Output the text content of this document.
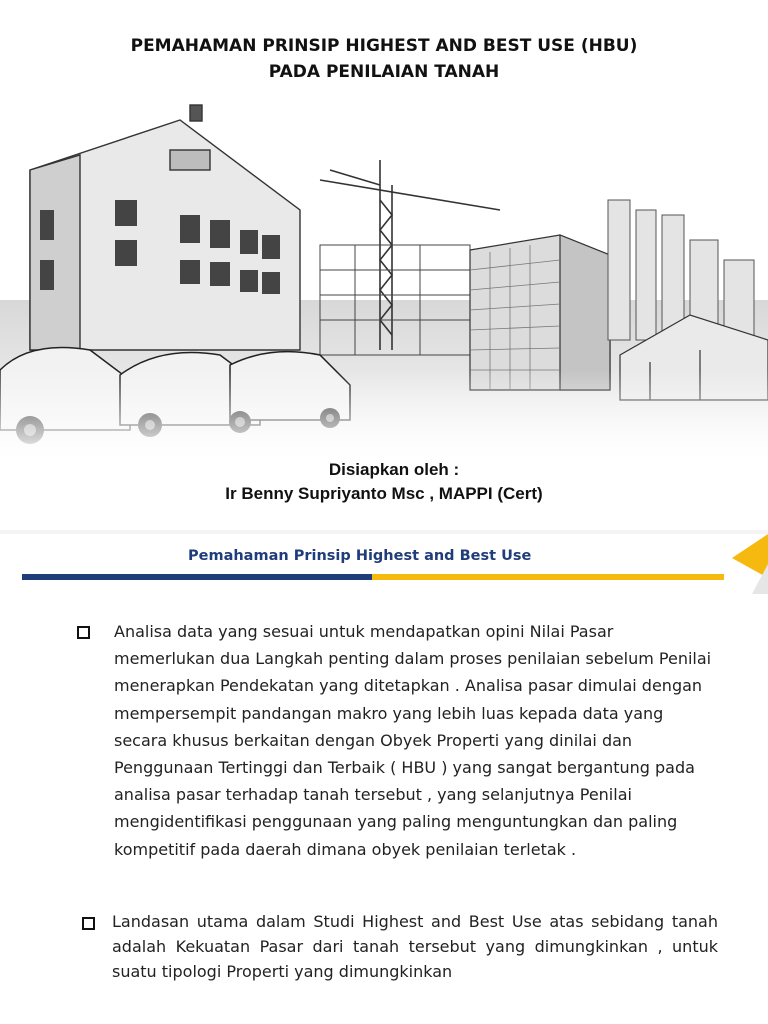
PEMAHAMAN PRINSIP HIGHEST AND BEST USE (HBU)
PADA PENILAIAN TANAH
Disiapkan oleh :
Ir Benny Supriyanto Msc , MAPPI (Cert)
Pemahaman Prinsip Highest and Best Use
Analisa data yang sesuai untuk mendapatkan opini Nilai Pasar memerlukan dua Langkah penting dalam proses penilaian sebelum Penilai menerapkan Pendekatan yang ditetapkan . Analisa pasar dimulai dengan mempersempit pandangan makro yang lebih luas kepada data yang secara khusus berkaitan dengan Obyek Properti yang dinilai dan Penggunaan Tertinggi dan Terbaik ( HBU ) yang sangat bergantung pada analisa pasar terhadap tanah tersebut , yang selanjutnya Penilai mengidentifikasi penggunaan yang paling menguntungkan dan paling kompetitif pada daerah dimana obyek penilaian terletak .
Landasan utama dalam Studi Highest and Best Use atas sebidang tanah adalah Kekuatan Pasar dari tanah tersebut yang dimungkinkan , untuk suatu tipologi Properti yang dimungkinkan
